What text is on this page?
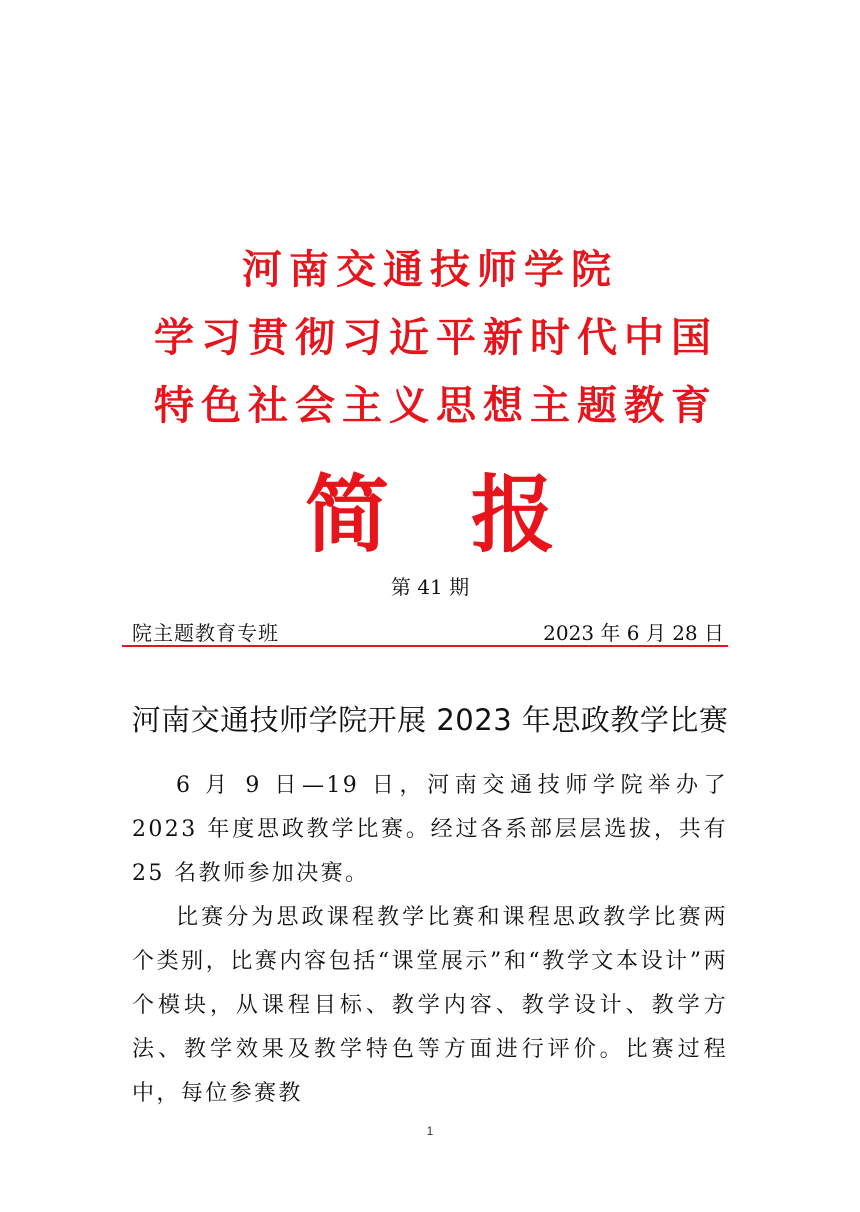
河南交通技师学院
学习贯彻习近平新时代中国
特色社会主义思想主题教育
简 报
第 41 期
院主题教育专班	2023 年 6 月 28 日
河南交通技师学院开展 2023 年思政教学比赛

6 月 9 日—19 日，河南交通技师学院举办了 2023 年度思政教学比赛。经过各系部层层选拔，共有 25 名教师参加决赛。

比赛分为思政课程教学比赛和课程思政教学比赛两个类别，比赛内容包括“课堂展示”和“教学文本设计”两个模块，从课程目标、教学内容、教学设计、教学方法、教学效果及教学特色等方面进行评价。比赛过程中，每位参赛教

1
